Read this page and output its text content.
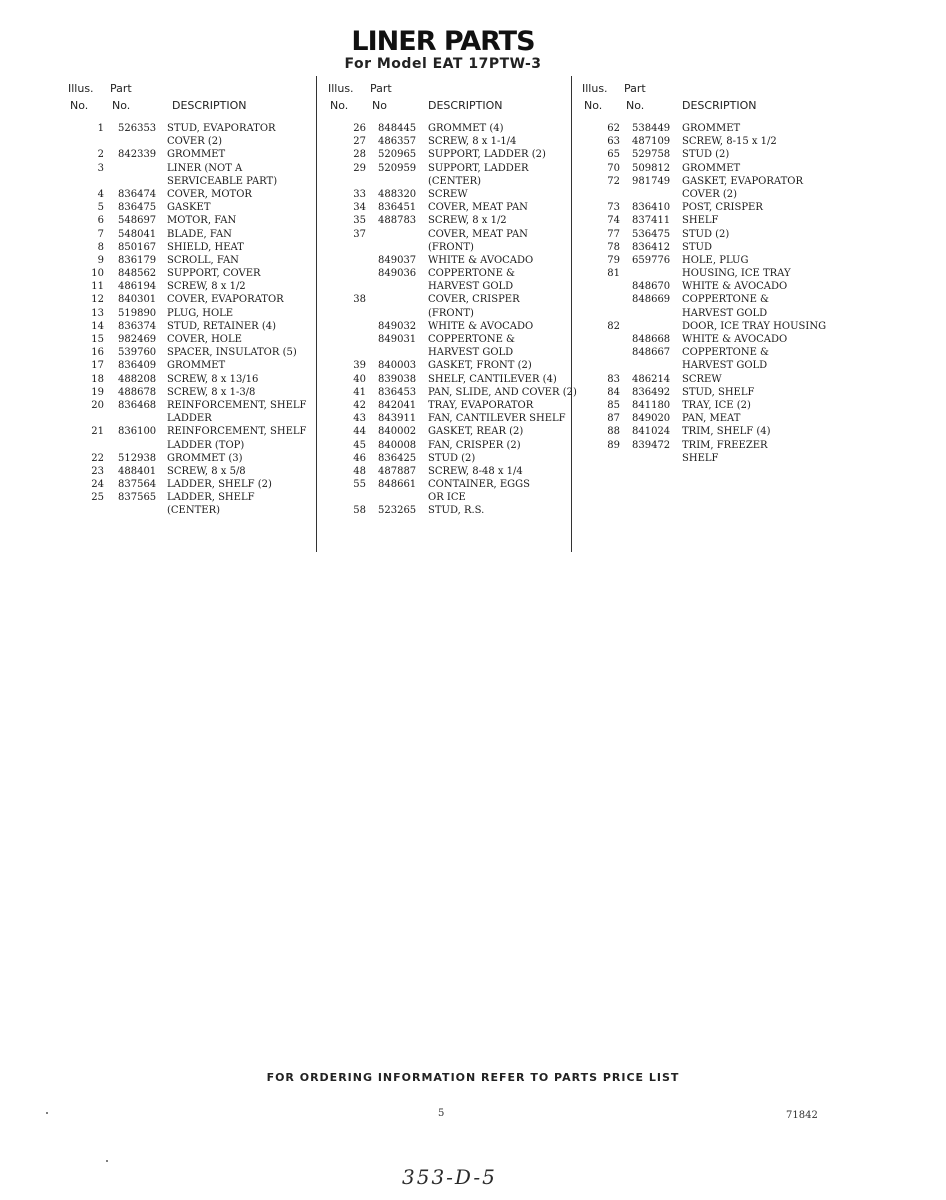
LINER PARTS
For Model EAT 17PTW-3
Illus. Part
No. No.	DESCRIPTION
1 526353 STUD, EVAPORATOR
COVER (2)
2 842339 GROMMET
3	LINER (NOT A
SERVICEABLE PART)
4 836474 COVER, MOTOR
5 836475 GASKET
6 548697 MOTOR, FAN
7 548041 BLADE, FAN
8 850167 SHIELD, HEAT
9 836179 SCROLL, FAN
10 848562 SUPPORT, COVER
11 486194 SCREW, 8 x 1/2
12 840301 COVER, EVAPORATOR
13 519890 PLUG, HOLE
14 836374 STUD, RETAINER (4)
15 982469 COVER, HOLE
16 539760 SPACER, INSULATOR (5)
17 836409 GROMMET
18 488208 SCREW, 8 x 13/16
19 488678 SCREW, 8 x 1-3/8
20 836468 REINFORCEMENT, SHELF
LADDER
21 836100 REINFORCEMENT, SHELF
LADDER (TOP)
22 512938 GROMMET (3)
23 488401 SCREW, 8 x 5/8
24 837564 LADDER, SHELF (2)
25 837565 LADDER, SHELF
(CENTER)
Illus. Part
No. No	DESCRIPTION
26 848445 GROMMET (4)
27 486357 SCREW, 8 x 1-1/4
28 520965 SUPPORT, LADDER (2)
29 520959 SUPPORT, LADDER
(CENTER)
33 488320 SCREW
34 836451 COVER, MEAT PAN
35 488783 SCREW, 8 x 1/2
37	COVER, MEAT PAN
(FRONT)
849037 WHITE & AVOCADO
849036 COPPERTONE &
HARVEST GOLD
38	COVER, CRISPER
(FRONT)
849032 WHITE & AVOCADO
849031 COPPERTONE &
HARVEST GOLD
39 840003 GASKET, FRONT (2)
40 839038 SHELF, CANTILEVER (4)
41 836453 PAN, SLIDE, AND COVER (2)
42 842041 TRAY, EVAPORATOR
43 843911 FAN, CANTILEVER SHELF
44 840002 GASKET, REAR (2)
45 840008 FAN, CRISPER (2)
46 836425 STUD (2)
48 487887 SCREW, 8-48 x 1/4
55 848661 CONTAINER, EGGS
OR ICE
58 523265 STUD, R.S.
Illus. Part
No. No.	DESCRIPTION
62 538449 GROMMET
63 487109 SCREW, 8-15 x 1/2
65 529758 STUD (2)
70 509812 GROMMET
72 981749 GASKET, EVAPORATOR
COVER (2)
73 836410 POST, CRISPER
74 837411 SHELF
77 536475 STUD (2)
78 836412 STUD
79 659776 HOLE, PLUG
81	HOUSING, ICE TRAY
848670 WHITE & AVOCADO
848669 COPPERTONE &
HARVEST GOLD
82	DOOR, ICE TRAY HOUSING
848668 WHITE & AVOCADO
848667 COPPERTONE &
HARVEST GOLD
83 486214 SCREW
84 836492 STUD, SHELF
85 841180 TRAY, ICE (2)
87 849020 PAN, MEAT
88 841024 TRIM, SHELF (4)
89 839472 TRIM, FREEZER
SHELF
FOR ORDERING INFORMATION REFER TO PARTS PRICE LIST
5	71842
353-D-5
